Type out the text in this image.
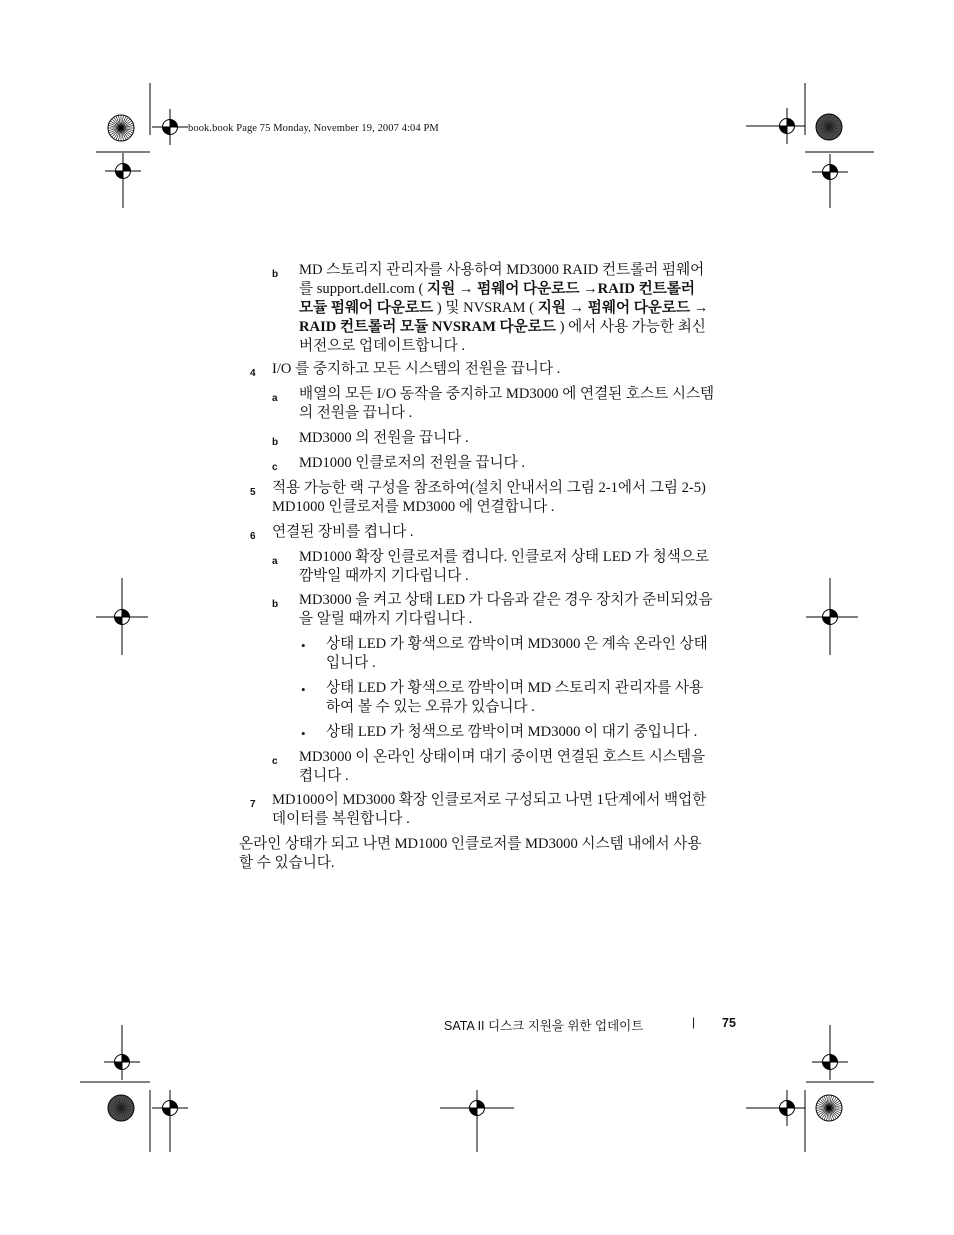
book.book Page 75 Monday, November 19, 2007 4:04 PM
b MD 스토리지 관리자를 사용하여 MD3000 RAID 컨트롤러 펌웨어
를 support.dell.com ( 지원 → 펌웨어 다운로드 →RAID 컨트롤러
모듈 펌웨어 다운로드 ) 및 NVSRAM ( 지원 → 펌웨어 다운로드 →
RAID 컨트롤러 모듈 NVSRAM 다운로드 ) 에서 사용 가능한 최신
버전으로 업데이트합니다 .
4 I/O 를 중지하고 모든 시스템의 전원을 끕니다 .
a 배열의 모든 I/O 동작을 중지하고 MD3000 에 연결된 호스트 시스템
의 전원을 끕니다 .
b MD3000 의 전원을 끕니다 .
c MD1000 인클로저의 전원을 끕니다 .
5 적용 가능한 랙 구성을 참조하여(설치 안내서의 그림 2-1에서 그림 2-5)
MD1000 인클로저를 MD3000 에 연결합니다 .
6 연결된 장비를 켭니다 .
a MD1000 확장 인클로저를 켭니다. 인클로저 상태 LED 가 청색으로
깜박일 때까지 기다립니다 .
b MD3000 을 켜고 상태 LED 가 다음과 같은 경우 장치가 준비되었음
을 알릴 때까지 기다립니다 .
• 상태 LED 가 황색으로 깜박이며 MD3000 은 계속 온라인 상태
입니다 .
• 상태 LED 가 황색으로 깜박이며 MD 스토리지 관리자를 사용
하여 볼 수 있는 오류가 있습니다 .
• 상태 LED 가 청색으로 깜박이며 MD3000 이 대기 중입니다 .
c MD3000 이 온라인 상태이며 대기 중이면 연결된 호스트 시스템을
켭니다 .
7 MD1000이 MD3000 확장 인클로저로 구성되고 나면 1단계에서 백업한
데이터를 복원합니다 .
온라인 상태가 되고 나면 MD1000 인클로저를 MD3000 시스템 내에서 사용
할 수 있습니다.
SATA II 디스크 지원을 위한 업데이트	| 75
